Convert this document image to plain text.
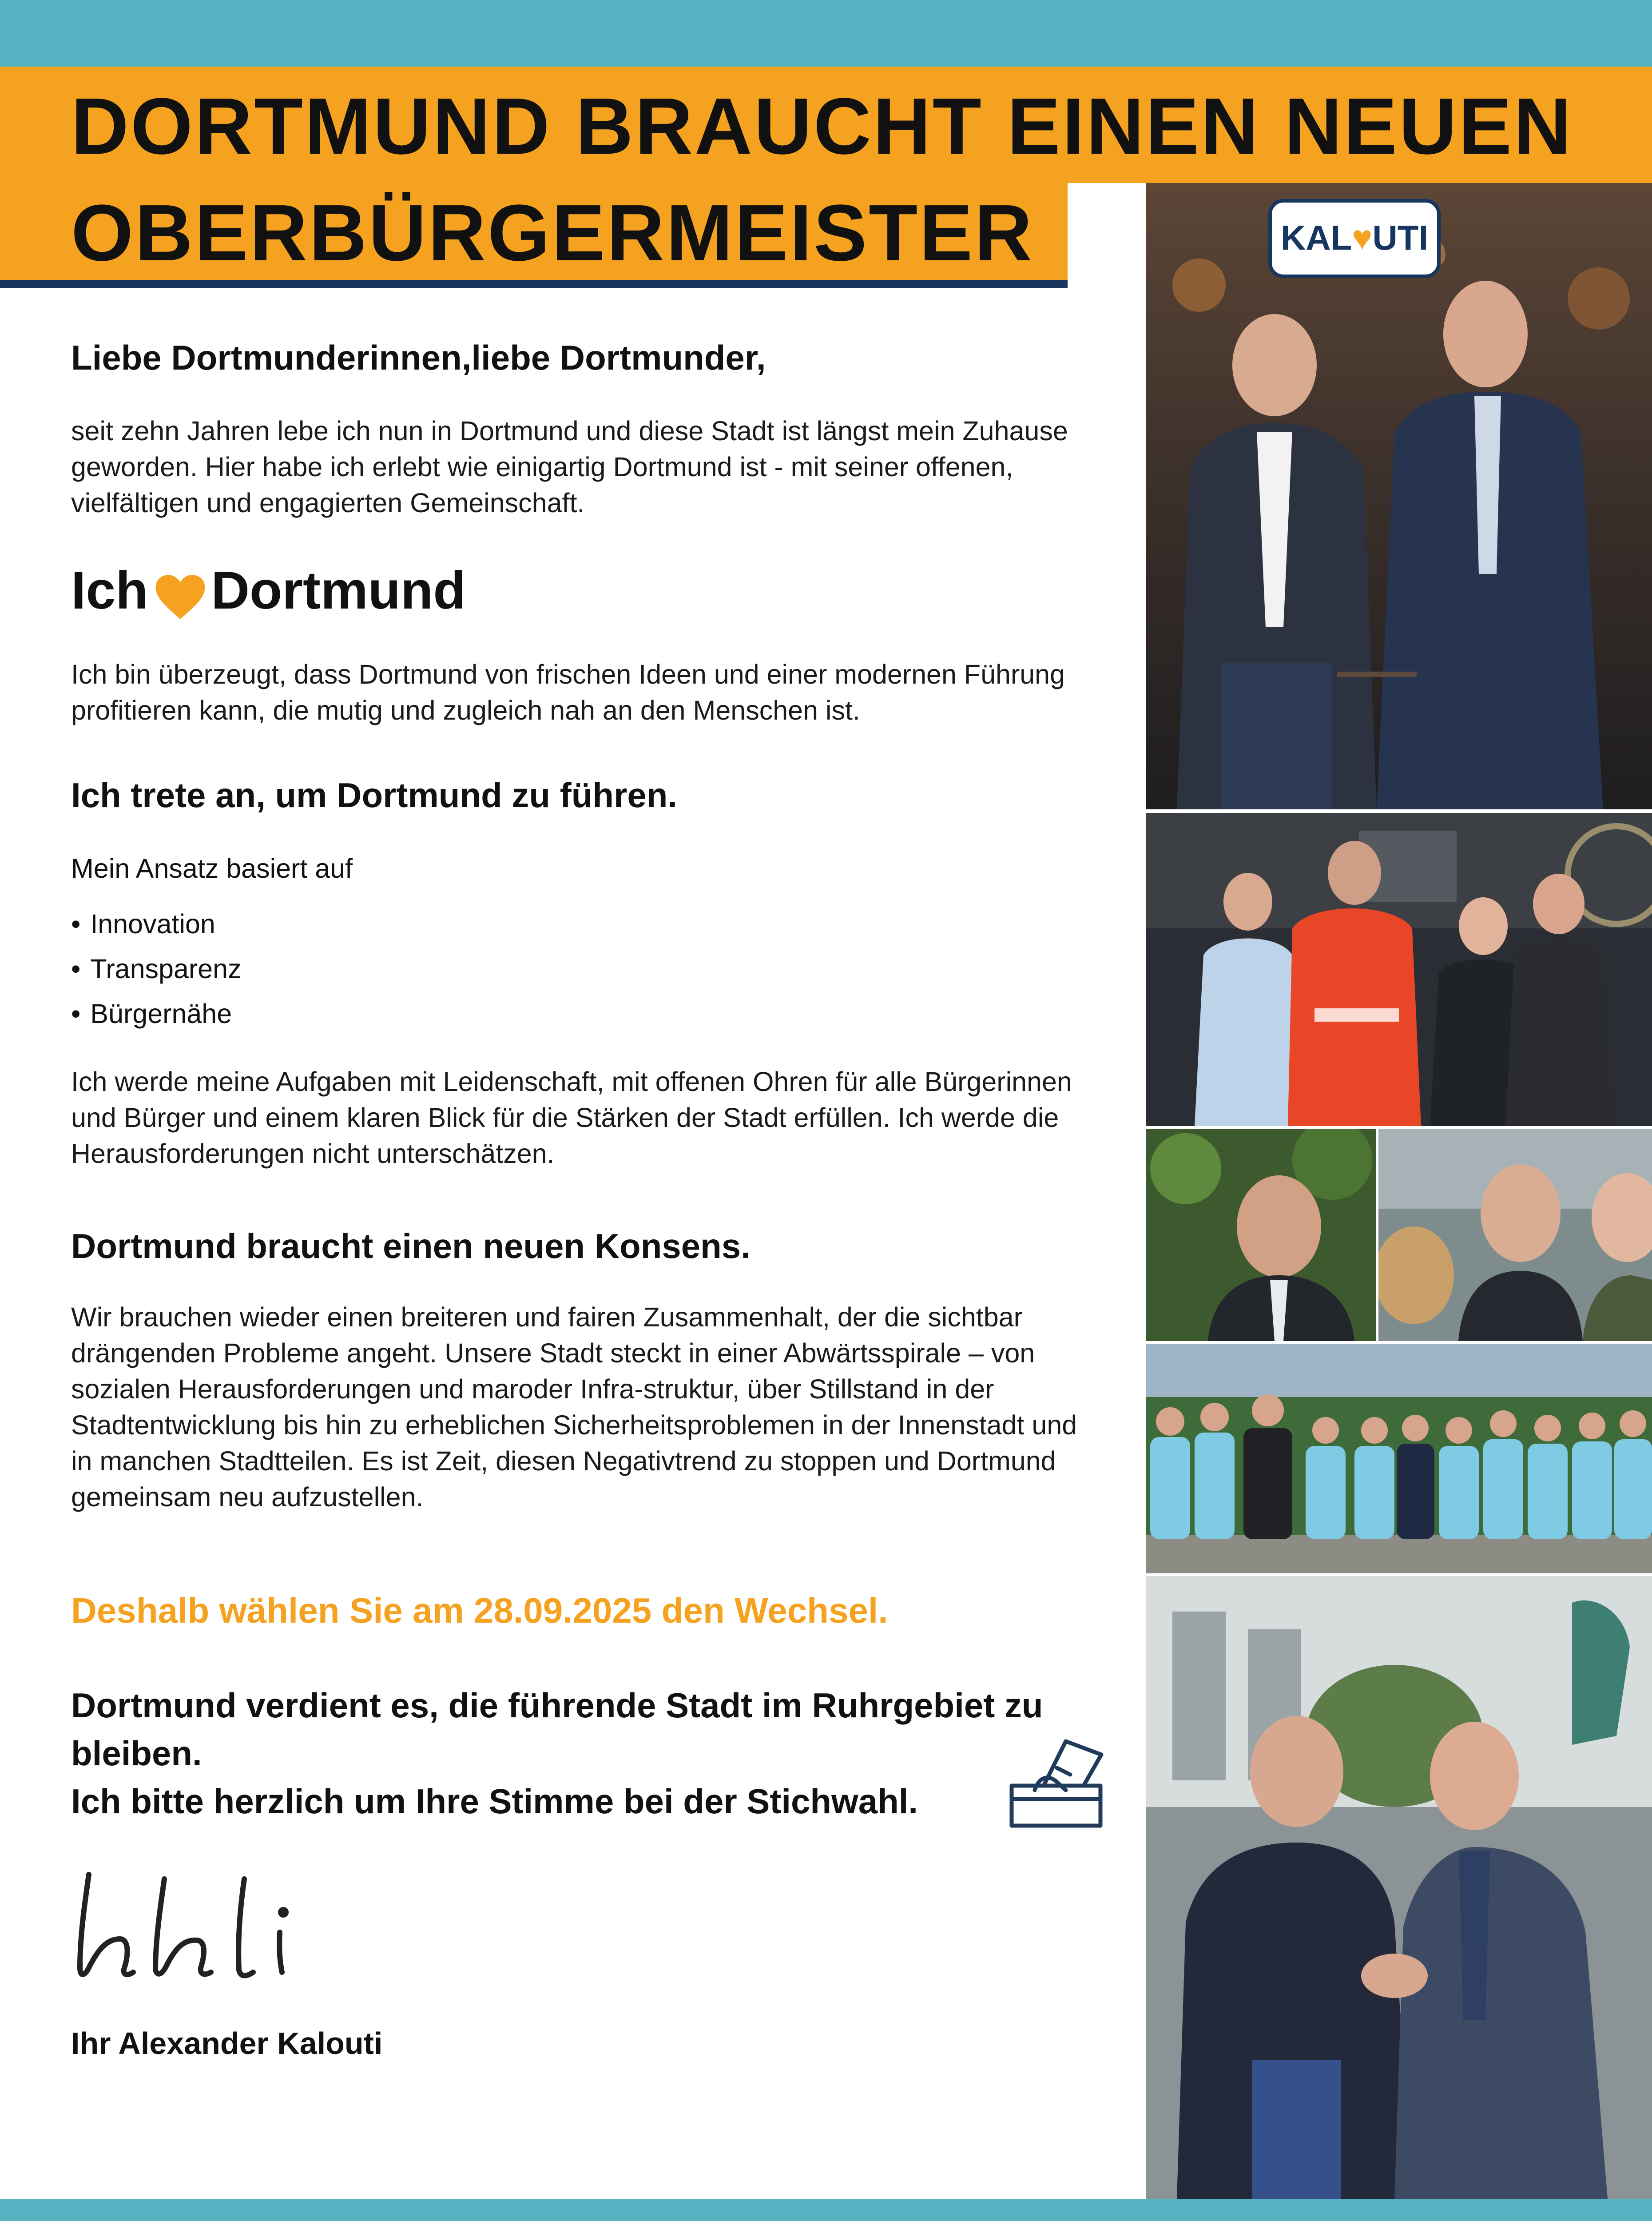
DORTMUND BRAUCHT EINEN NEUEN
OBERBÜRGERMEISTER
Liebe Dortmunderinnen,liebe Dortmunder,
seit zehn Jahren lebe ich nun in Dortmund und diese Stadt ist längst mein Zuhause geworden. Hier habe ich erlebt wie einigartig Dortmund ist - mit seiner offenen, vielfältigen und engagierten Gemeinschaft.
Ich Dortmund
Ich bin überzeugt, dass Dortmund von frischen Ideen und einer modernen Führung profitieren kann, die mutig und zugleich nah an den Menschen ist.
Ich trete an, um Dortmund zu führen.
Mein Ansatz basiert auf
• Innovation
• Transparenz
• Bürgernähe
Ich werde meine Aufgaben mit Leidenschaft, mit offenen Ohren für alle Bürgerinnen und Bürger und einem klaren Blick für die Stärken der Stadt erfüllen. Ich werde die Herausforderungen nicht unterschätzen.
Dortmund braucht einen neuen Konsens.
Wir brauchen wieder einen breiteren und fairen Zusammenhalt, der die sichtbar drängenden Probleme angeht. Unsere Stadt steckt in einer Abwärtsspirale – von sozialen Herausforderungen und maroder Infra-struktur, über Stillstand in der Stadtentwicklung bis hin zu erheblichen Sicherheitsproblemen in der Innenstadt und in manchen Stadtteilen. Es ist Zeit, diesen Negativtrend zu stoppen und Dortmund gemeinsam neu aufzustellen.
Deshalb wählen Sie am 28.09.2025 den Wechsel.
Dortmund verdient es, die führende Stadt im Ruhrgebiet zu bleiben.
Ich bitte herzlich um Ihre Stimme bei der Stichwahl.
Ihr Alexander Kalouti
KAL♥UTI
